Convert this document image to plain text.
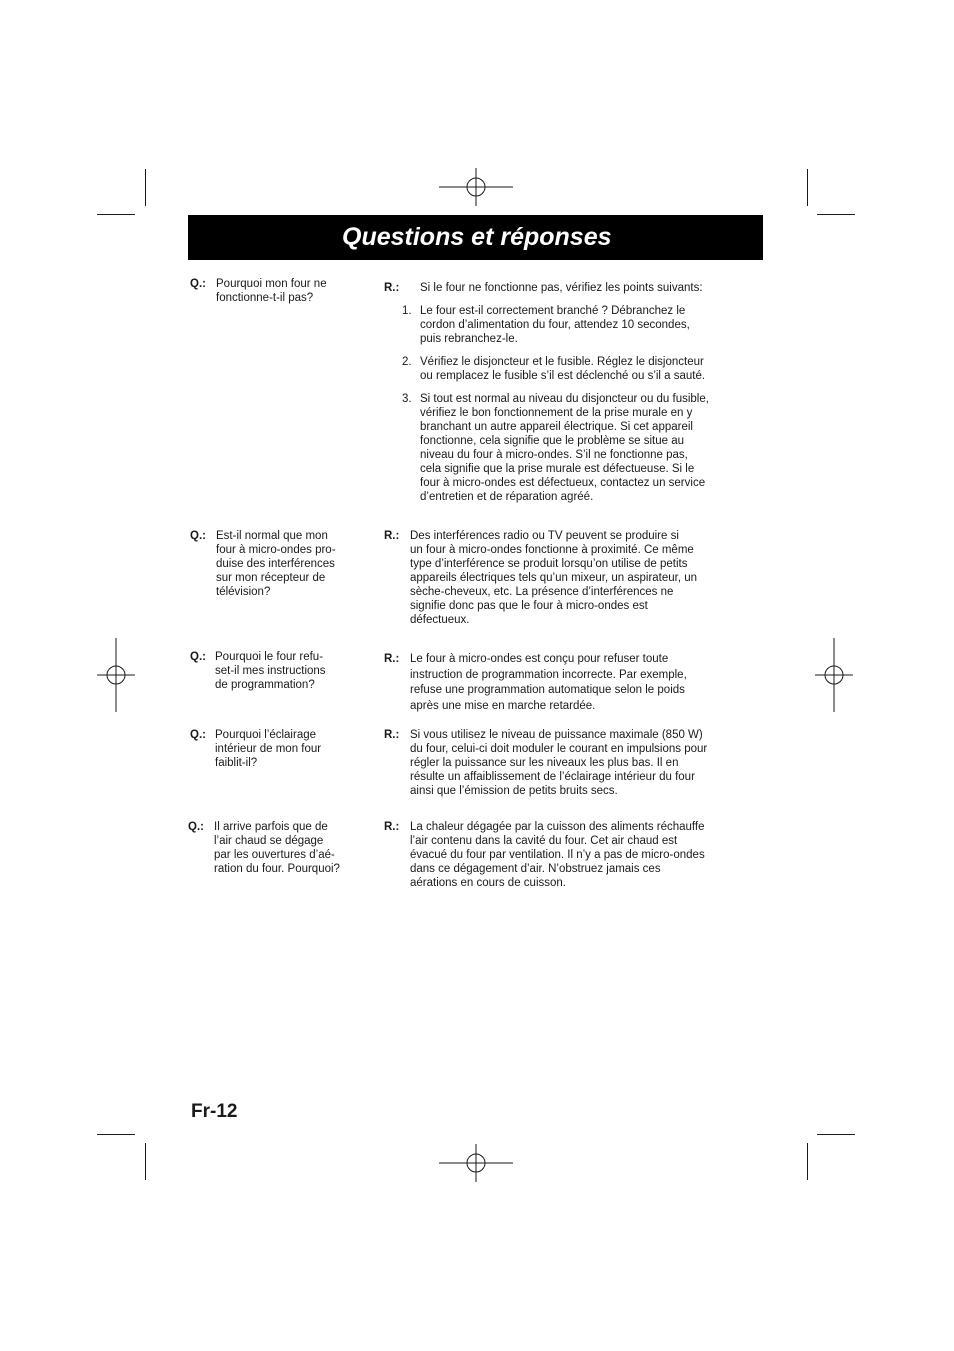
Questions et réponses
Q.: Pourquoi mon four ne
fonctionne-t-il pas?
R.: Si le four ne fonctionne pas, vérifiez les points suivants:
1. Le four est-il correctement branché ? Débranchez le
cordon d’alimentation du four, attendez 10 secondes,
puis rebranchez-le.
2. Vérifiez le disjoncteur et le fusible. Réglez le disjoncteur
ou remplacez le fusible s’il est déclenché ou s’il a sauté.
3. Si tout est normal au niveau du disjoncteur ou du fusible,
vérifiez le bon fonctionnement de la prise murale en y
branchant un autre appareil électrique. Si cet appareil
fonctionne, cela signifie que le problème se situe au
niveau du four à micro-ondes. S’il ne fonctionne pas,
cela signifie que la prise murale est défectueuse. Si le
four à micro-ondes est défectueux, contactez un service
d’entretien et de réparation agréé.
Q.: Est-il normal que mon
four à micro-ondes pro-
duise des interférences
sur mon récepteur de
télévision?
R.: Des interférences radio ou TV peuvent se produire si
un four à micro-ondes fonctionne à proximité. Ce même
type d’interférence se produit lorsqu’on utilise de petits
appareils électriques tels qu’un mixeur, un aspirateur, un
sèche-cheveux, etc. La présence d’interférences ne
signifie donc pas que le four à micro-ondes est
défectueux.
Q.: Pourquoi le four refu-
set-il mes instructions
de programmation?
R.: Le four à micro-ondes est conçu pour refuser toute
instruction de programmation incorrecte. Par exemple,
refuse une programmation automatique selon le poids
après une mise en marche retardée.
Q.: Pourquoi l’éclairage
intérieur de mon four
faiblit-il?
R.: Si vous utilisez le niveau de puissance maximale (850 W)
du four, celui-ci doit moduler le courant en impulsions pour
régler la puissance sur les niveaux les plus bas. Il en
résulte un affaiblissement de l’éclairage intérieur du four
ainsi que l’émission de petits bruits secs.
Q.: Il arrive parfois que de
l’air chaud se dégage
par les ouvertures d’aé-
ration du four. Pourquoi?
R.: La chaleur dégagée par la cuisson des aliments réchauffe
l’air contenu dans la cavité du four. Cet air chaud est
évacué du four par ventilation. Il n’y a pas de micro-ondes
dans ce dégagement d’air. N’obstruez jamais ces
aérations en cours de cuisson.
Fr-12
